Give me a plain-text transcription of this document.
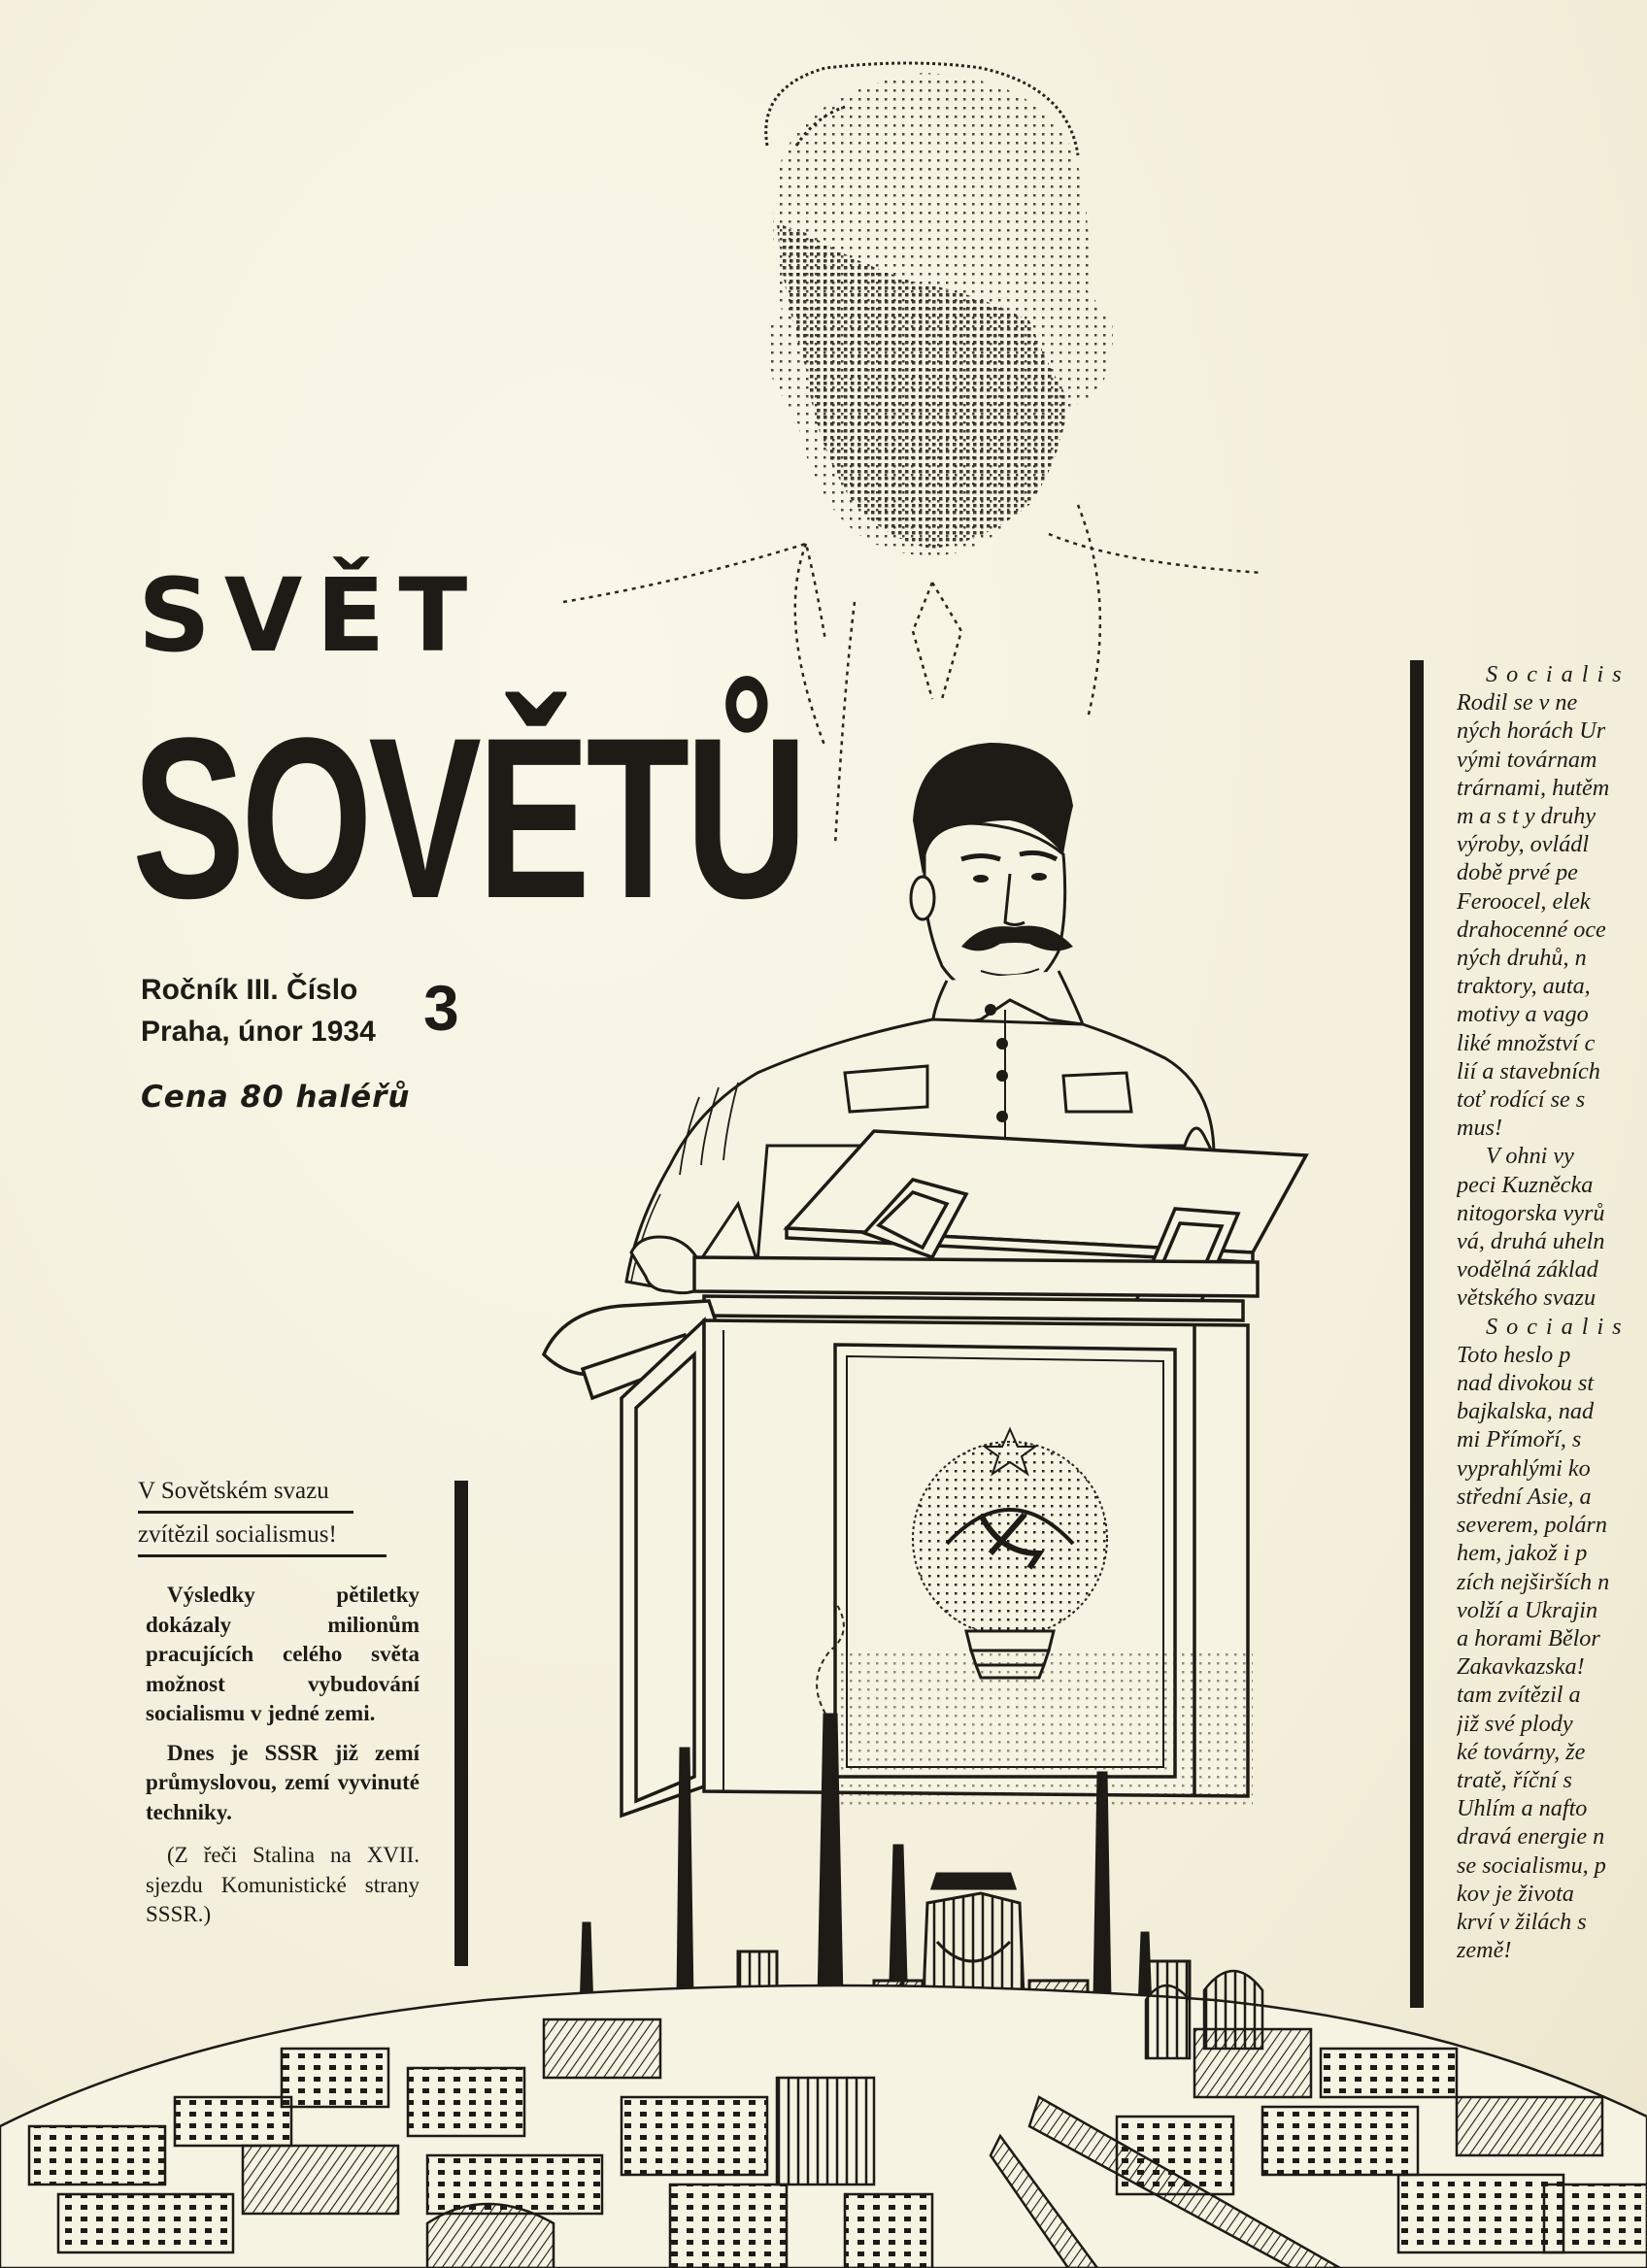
SVĚT
SOVĚTŮ
Ročník III. Číslo
Praha, únor 1934 3
Cena 80 haléřů
V Sovětském svazu
zvítězil socialismus!

Výsledky pětiletky dokázaly milionům pracujících celého světa možnost vybudování socialismu v jedné zemi.

Dnes je SSSR již zemí průmyslovou, zemí vyvinuté techniky.

(Z řeči Stalina na XVII. sjezdu Komunistické strany SSSR.)

Socialis
Rodil se v ne
ných horách Ur
vými továrnam
trárnami, hutěm
m a s t y druhy
výroby, ovládl
době prvé pe
Feroocel, elek
drahocenné oce
ných druhů, n
traktory, auta,
motivy a vago
liké množství c
lií a stavebních
toť rodící se s
mus!
V ohni vy
peci Kuzněcka
nitogorska vyrů
vá, druhá uheln
vodělná základ
větského svazu
Socialis
Toto heslo p
nad divokou st
bajkalska, nad
mi Přímoří, s
vyprahlými ko
střední Asie, a
severem, polárn
hem, jakož i p
zích nejširších n
volží a Ukrajin
a horami Bělor
Zakavkazska!
tam zvítězil a
již své plody
ké továrny, že
tratě, říční s
Uhlím a nafto
dravá energie n
se socialismu, p
kov je života
krví v žilách s
země!
